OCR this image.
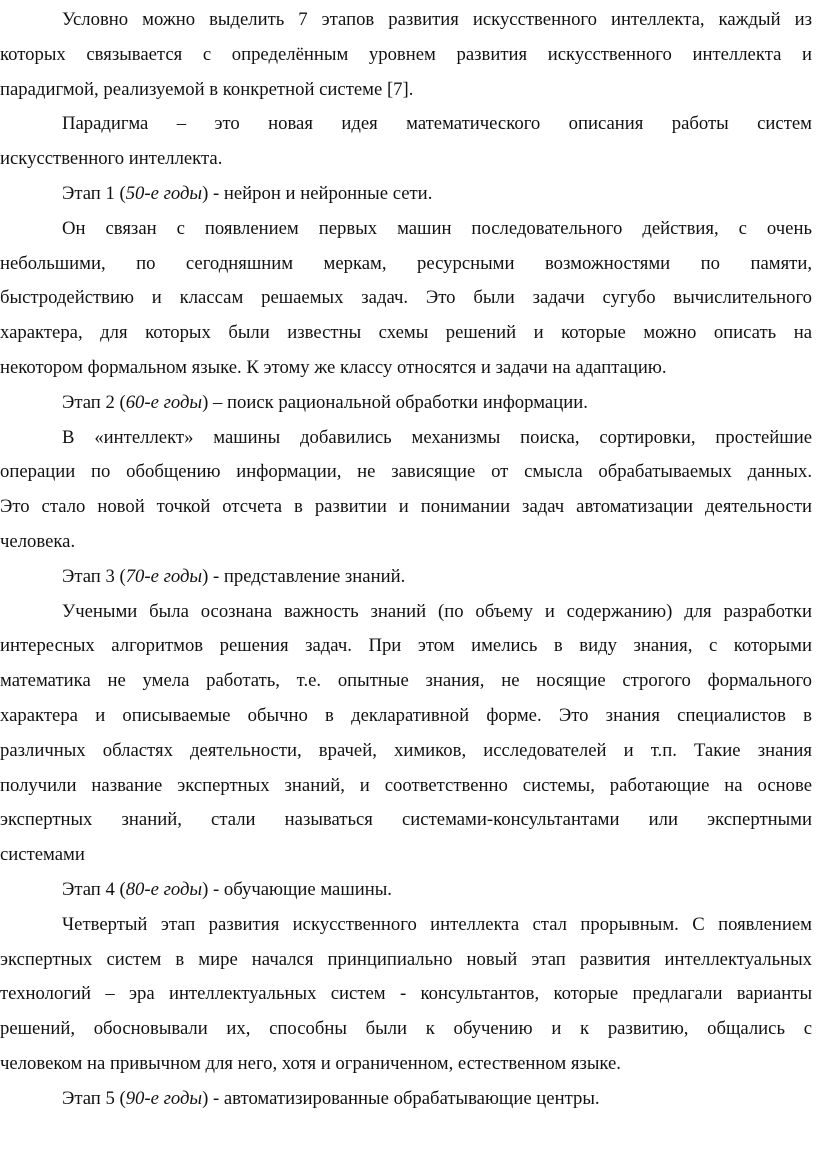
Условно можно выделить 7 этапов развития искусственного интеллекта, каждый из
которых связывается с определённым уровнем развития искусственного интеллекта и
парадигмой, реализуемой в конкретной системе [7].
Парадигма – это новая идея математического описания работы систем
искусственного интеллекта.
Этап 1 (50-е годы) - нейрон и нейронные сети.
Он связан с появлением первых машин последовательного действия, с очень
небольшими, по сегодняшним меркам, ресурсными возможностями по памяти,
быстродействию и классам решаемых задач. Это были задачи сугубо вычислительного
характера, для которых были известны схемы решений и которые можно описать на
некотором формальном языке. К этому же классу относятся и задачи на адаптацию.
Этап 2 (60-е годы) – поиск рациональной обработки информации.
В «интеллект» машины добавились механизмы поиска, сортировки, простейшие
операции по обобщению информации, не зависящие от смысла обрабатываемых данных.
Это стало новой точкой отсчета в развитии и понимании задач автоматизации деятельности
человека.
Этап 3 (70-е годы) - представление знаний.
Учеными была осознана важность знаний (по объему и содержанию) для разработки
интересных алгоритмов решения задач. При этом имелись в виду знания, с которыми
математика не умела работать, т.е. опытные знания, не носящие строгого формального
характера и описываемые обычно в декларативной форме. Это знания специалистов в
различных областях деятельности, врачей, химиков, исследователей и т.п. Такие знания
получили название экспертных знаний, и соответственно системы, работающие на основе
экспертных знаний, стали называться системами-консультантами или экспертными
системами
Этап 4 (80-е годы) - обучающие машины.
Четвертый этап развития искусственного интеллекта стал прорывным. С появлением
экспертных систем в мире начался принципиально новый этап развития интеллектуальных
технологий – эра интеллектуальных систем - консультантов, которые предлагали варианты
решений, обосновывали их, способны были к обучению и к развитию, общались с
человеком на привычном для него, хотя и ограниченном, естественном языке.
Этап 5 (90-е годы) - автоматизированные обрабатывающие центры.
